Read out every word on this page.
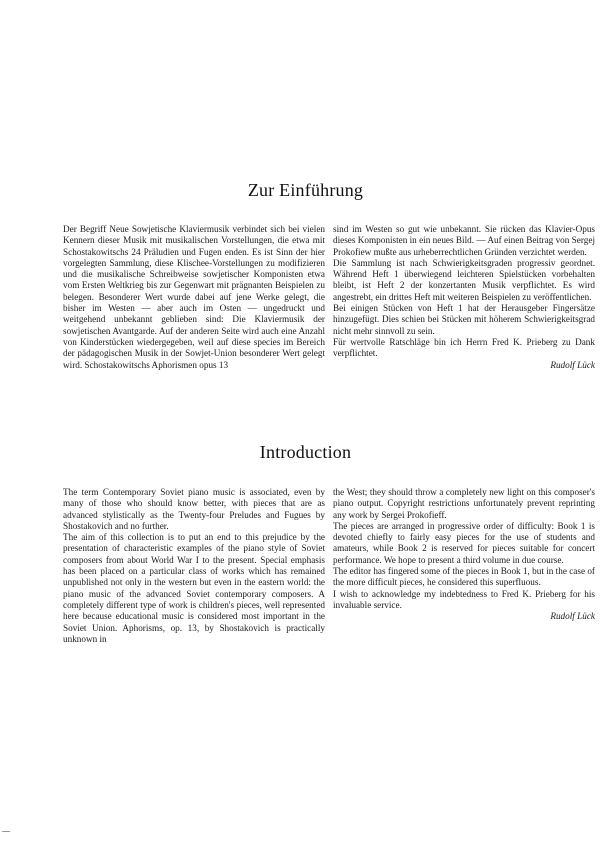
Zur Einführung

Der Begriff Neue Sowjetische Klaviermusik verbindet sich bei vielen Kennern dieser Musik mit musikalischen Vorstellungen, die etwa mit Schostakowitschs 24 Präludien und Fugen enden. Es ist Sinn der hier vorgelegten Sammlung, diese Klischee-Vorstellungen zu modifizieren und die musikalische Schreibweise sowjetischer Komponisten etwa vom Ersten Weltkrieg bis zur Gegenwart mit prägnanten Beispielen zu belegen. Besonderer Wert wurde dabei auf jene Werke gelegt, die bisher im Westen — aber auch im Osten — ungedruckt und weitgehend unbekannt geblieben sind: Die Klaviermusik der sowjetischen Avantgarde. Auf der anderen Seite wird auch eine Anzahl von Kinderstücken wiedergegeben, weil auf diese species im Bereich der pädagogischen Musik in der Sowjet-Union besonderer Wert gelegt wird. Schostakowitschs Aphorismen opus 13

sind im Westen so gut wie unbekannt. Sie rücken das Klavier-Opus dieses Komponisten in ein neues Bild. — Auf einen Beitrag von Sergej Prokofiew mußte aus urheberrechtlichen Gründen verzichtet werden.

Die Sammlung ist nach Schwierigkeitsgraden progressiv geordnet. Während Heft 1 überwiegend leichteren Spielstücken vorbehalten bleibt, ist Heft 2 der konzertanten Musik verpflichtet. Es wird angestrebt, ein drittes Heft mit weiteren Beispielen zu veröffentlichen.

Bei einigen Stücken von Heft 1 hat der Herausgeber Fingersätze hinzugefügt. Dies schien bei Stücken mit höherem Schwierigkeitsgrad nicht mehr sinnvoll zu sein.

Für wertvolle Ratschläge bin ich Herrn Fred K. Prieberg zu Dank verpflichtet.

Rudolf Lück

Introduction

The term Contemporary Soviet piano music is associated, even by many of those who should know better, with pieces that are as advanced stylistically as the Twenty-four Preludes and Fugues by Shostakovich and no further.

The aim of this collection is to put an end to this prejudice by the presentation of characteristic examples of the piano style of Soviet composers from about World War I to the present. Special emphasis has been placed on a particular class of works which has remained unpublished not only in the western but even in the eastern world: the piano music of the advanced Soviet contemporary composers. A completely different type of work is children's pieces, well represented here because educational music is considered most important in the Soviet Union. Aphorisms, op. 13, by Shostakovich is practically unknown in

the West; they should throw a completely new light on this composer's piano output. Copyright restrictions unfortunately prevent reprinting any work by Sergei Prokofieff.

The pieces are arranged in progressive order of difficulty: Book 1 is devoted chiefly to fairly easy pieces for the use of students and amateurs, while Book 2 is reserved for pieces suitable for concert performance. We hope to present a third volume in due course.

The editor has fingered some of the pieces in Book 1, but in the case of the more difficult pieces, he considered this superfluous.

I wish to acknowledge my indebtedness to Fred K. Prieberg for his invaluable service.

Rudolf Lück
